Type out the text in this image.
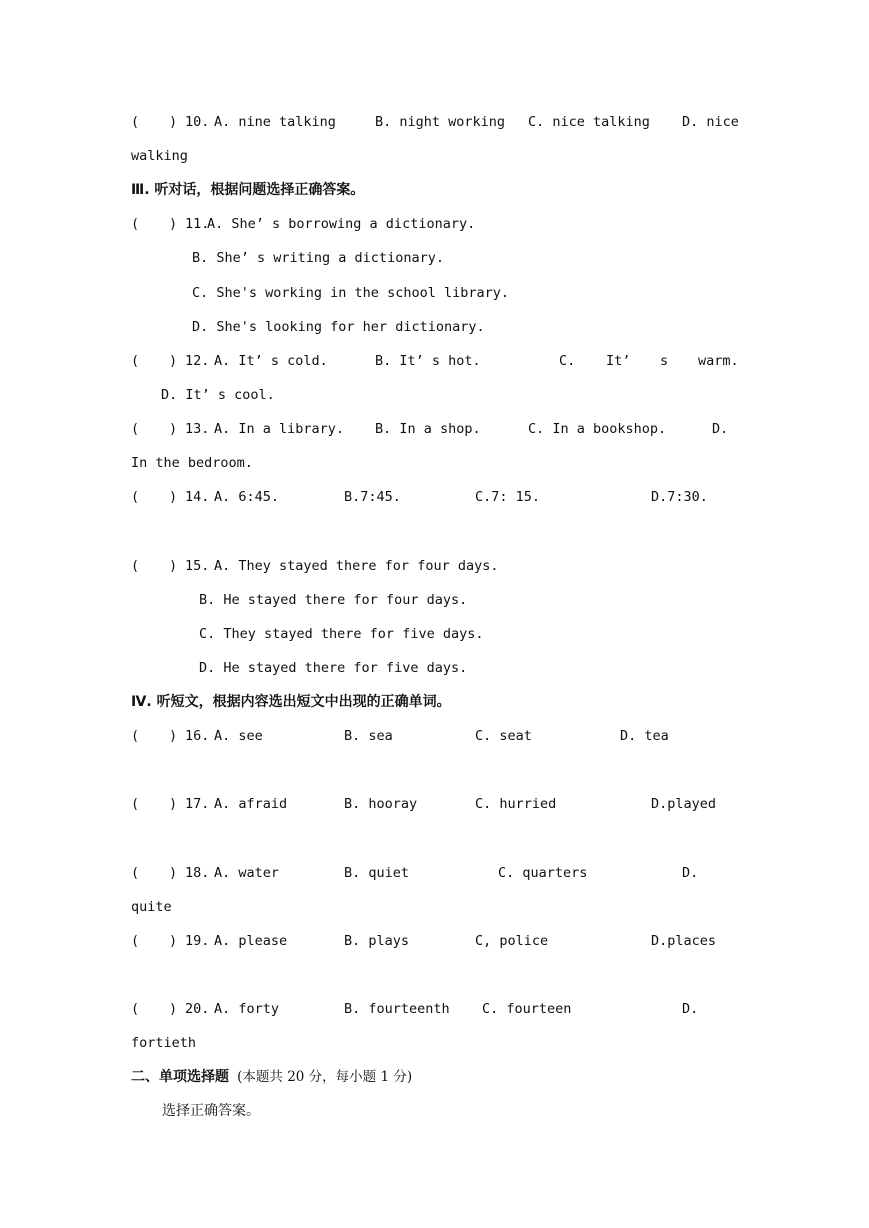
( ) 10. A. nine talking	B. night working C. nice talking D. nice
walking
Ⅲ. 听对话，根据问题选择正确答案。
( ) 11.
A. She’ s borrowing a dictionary.
B. She’ s writing a dictionary.
C. She's working in the school library.
D. She's looking for her dictionary.
( ) 12. A. It’ s cold.	B. It’ s hot.	C. It’ s warm.
D. It’ s cool.
( ) 13. A. In a library. B. In a shop.	C. In a bookshop.	D.
In the bedroom.
( ) 14. A. 6:45.	B.7:45.	C.7: 15.	D.7:30.
( ) 15. A. They stayed there for four days.
B. He stayed there for four days.
C. They stayed there for five days.
D. He stayed there for five days.
Ⅳ. 听短文，根据内容选出短文中出现的正确单词。
( ) 16. A. see	B. sea	C. seat	D. tea
( ) 17. A. afraid	B. hooray	C. hurried	D.played
( ) 18. A. water	B. quiet	C. quarters	D.
quite
( ) 19. A. please	B. plays	C, police	D.places
( ) 20. A. forty	B. fourteenth C. fourteen	D.
fortieth
二、单项选择题 (本题共 20 分，每小题 1 分)
选择正确答案。
